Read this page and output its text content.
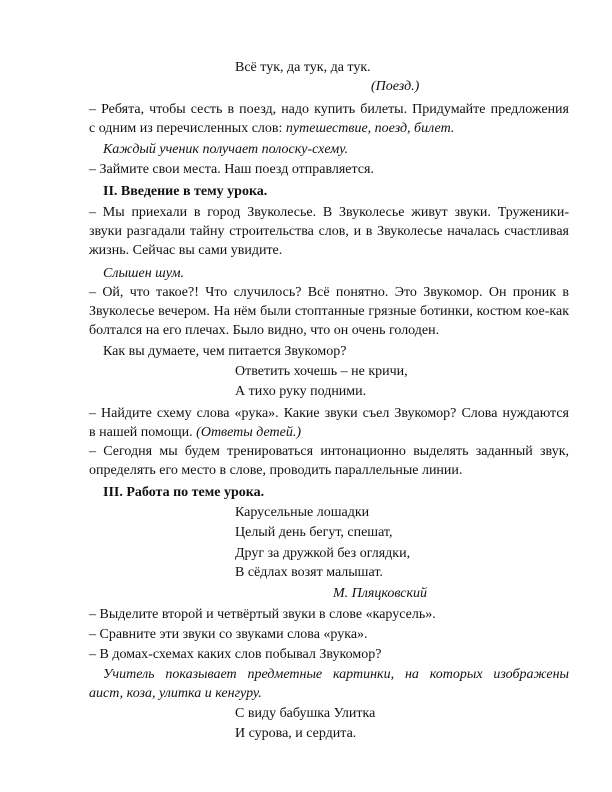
Всё тук, да тук, да тук.
(Поезд.)
– Ребята, чтобы сесть в поезд, надо купить билеты. Придумайте предложения
с одним из перечисленных слов: путешествие, поезд, билет.
Каждый ученик получает полоску-схему.
– Займите свои места. Наш поезд отправляется.
II. Введение в тему урока.
– Мы приехали в город Звуколесье. В Звуколесье живут звуки. Труженики-
звуки разгадали тайну строительства слов, и в Звуколесье началась счастливая
жизнь. Сейчас вы сами увидите.
Слышен шум.
– Ой, что такое?! Что случилось? Всё понятно. Это Звукомор. Он проник в
Звуколесье вечером. На нём были стоптанные грязные ботинки, костюм кое-как
болтался на его плечах. Было видно, что он очень голоден.
Как вы думаете, чем питается Звукомор?
Ответить хочешь – не кричи,
А тихо руку подними.
– Найдите схему слова «рука». Какие звуки съел Звукомор? Слова нуждаются
в нашей помощи. (Ответы детей.)
– Сегодня мы будем тренироваться интонационно выделять заданный звук,
определять его место в слове, проводить параллельные линии.
III. Работа по теме урока.
Карусельные лошадки
Целый день бегут, спешат,
Друг за дружкой без оглядки,
В сёдлах возят малышат.
М. Пляцковский
– Выделите второй и четвёртый звуки в слове «карусель».
– Сравните эти звуки со звуками слова «рука».
– В домах-схемах каких слов побывал Звукомор?
Учитель показывает предметные картинки, на которых изображены
аист, коза, улитка и кенгуру.
С виду бабушка Улитка
И сурова, и сердита.
